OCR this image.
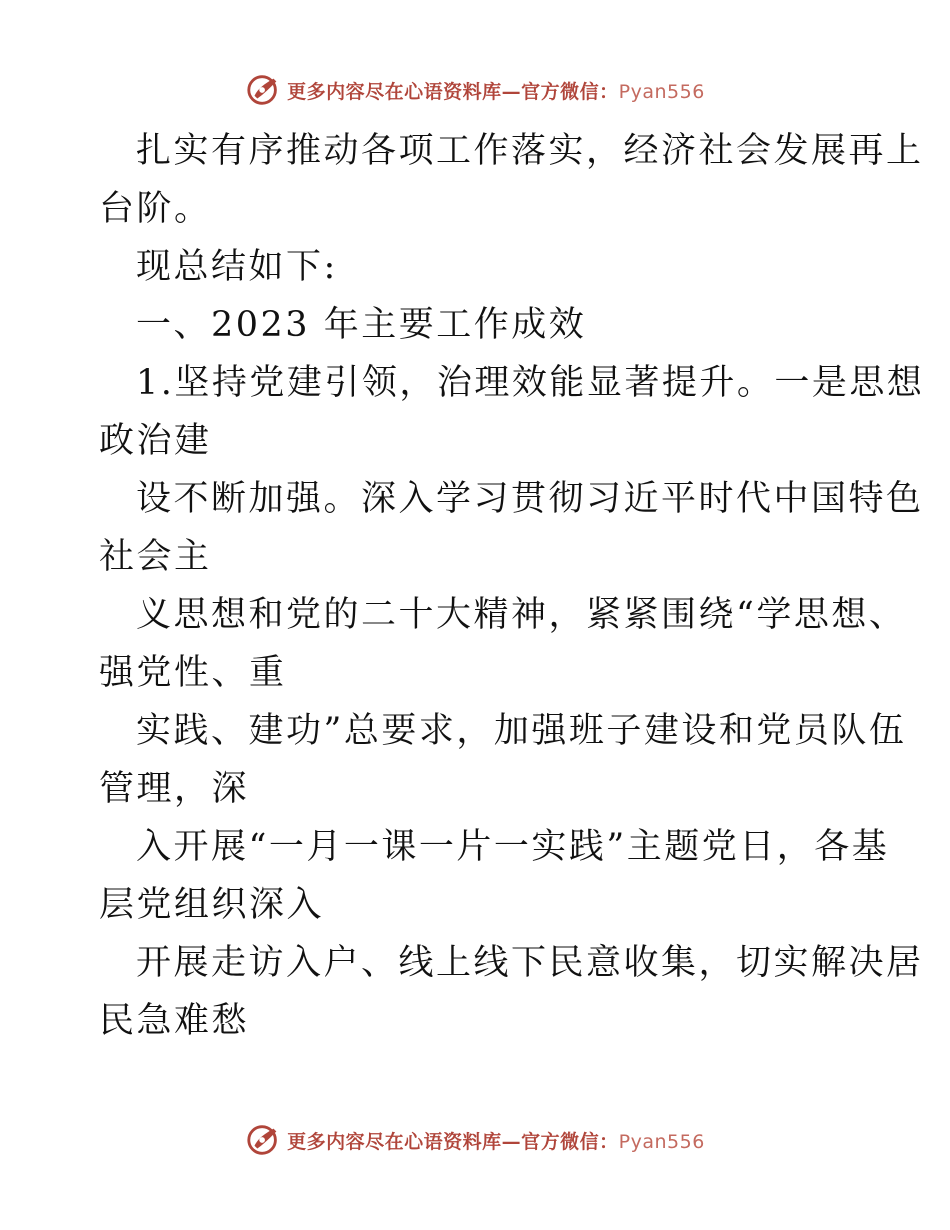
更多内容尽在心语资料库—官方微信：Pyan556
扎实有序推动各项工作落实，经济社会发展再上
台阶。
现总结如下:
一、2023 年主要工作成效
1.坚持党建引领，治理效能显著提升。一是思想
政治建
设不断加强。深入学习贯彻习近平时代中国特色
社会主
义思想和党的二十大精神，紧紧围绕“学思想、
强党性、重
实践、建功”总要求，加强班子建设和党员队伍
管理，深
入开展“一月一课一片一实践”主题党日，各基
层党组织深入
开展走访入户、线上线下民意收集，切实解决居
民急难愁
更多内容尽在心语资料库—官方微信：Pyan556
